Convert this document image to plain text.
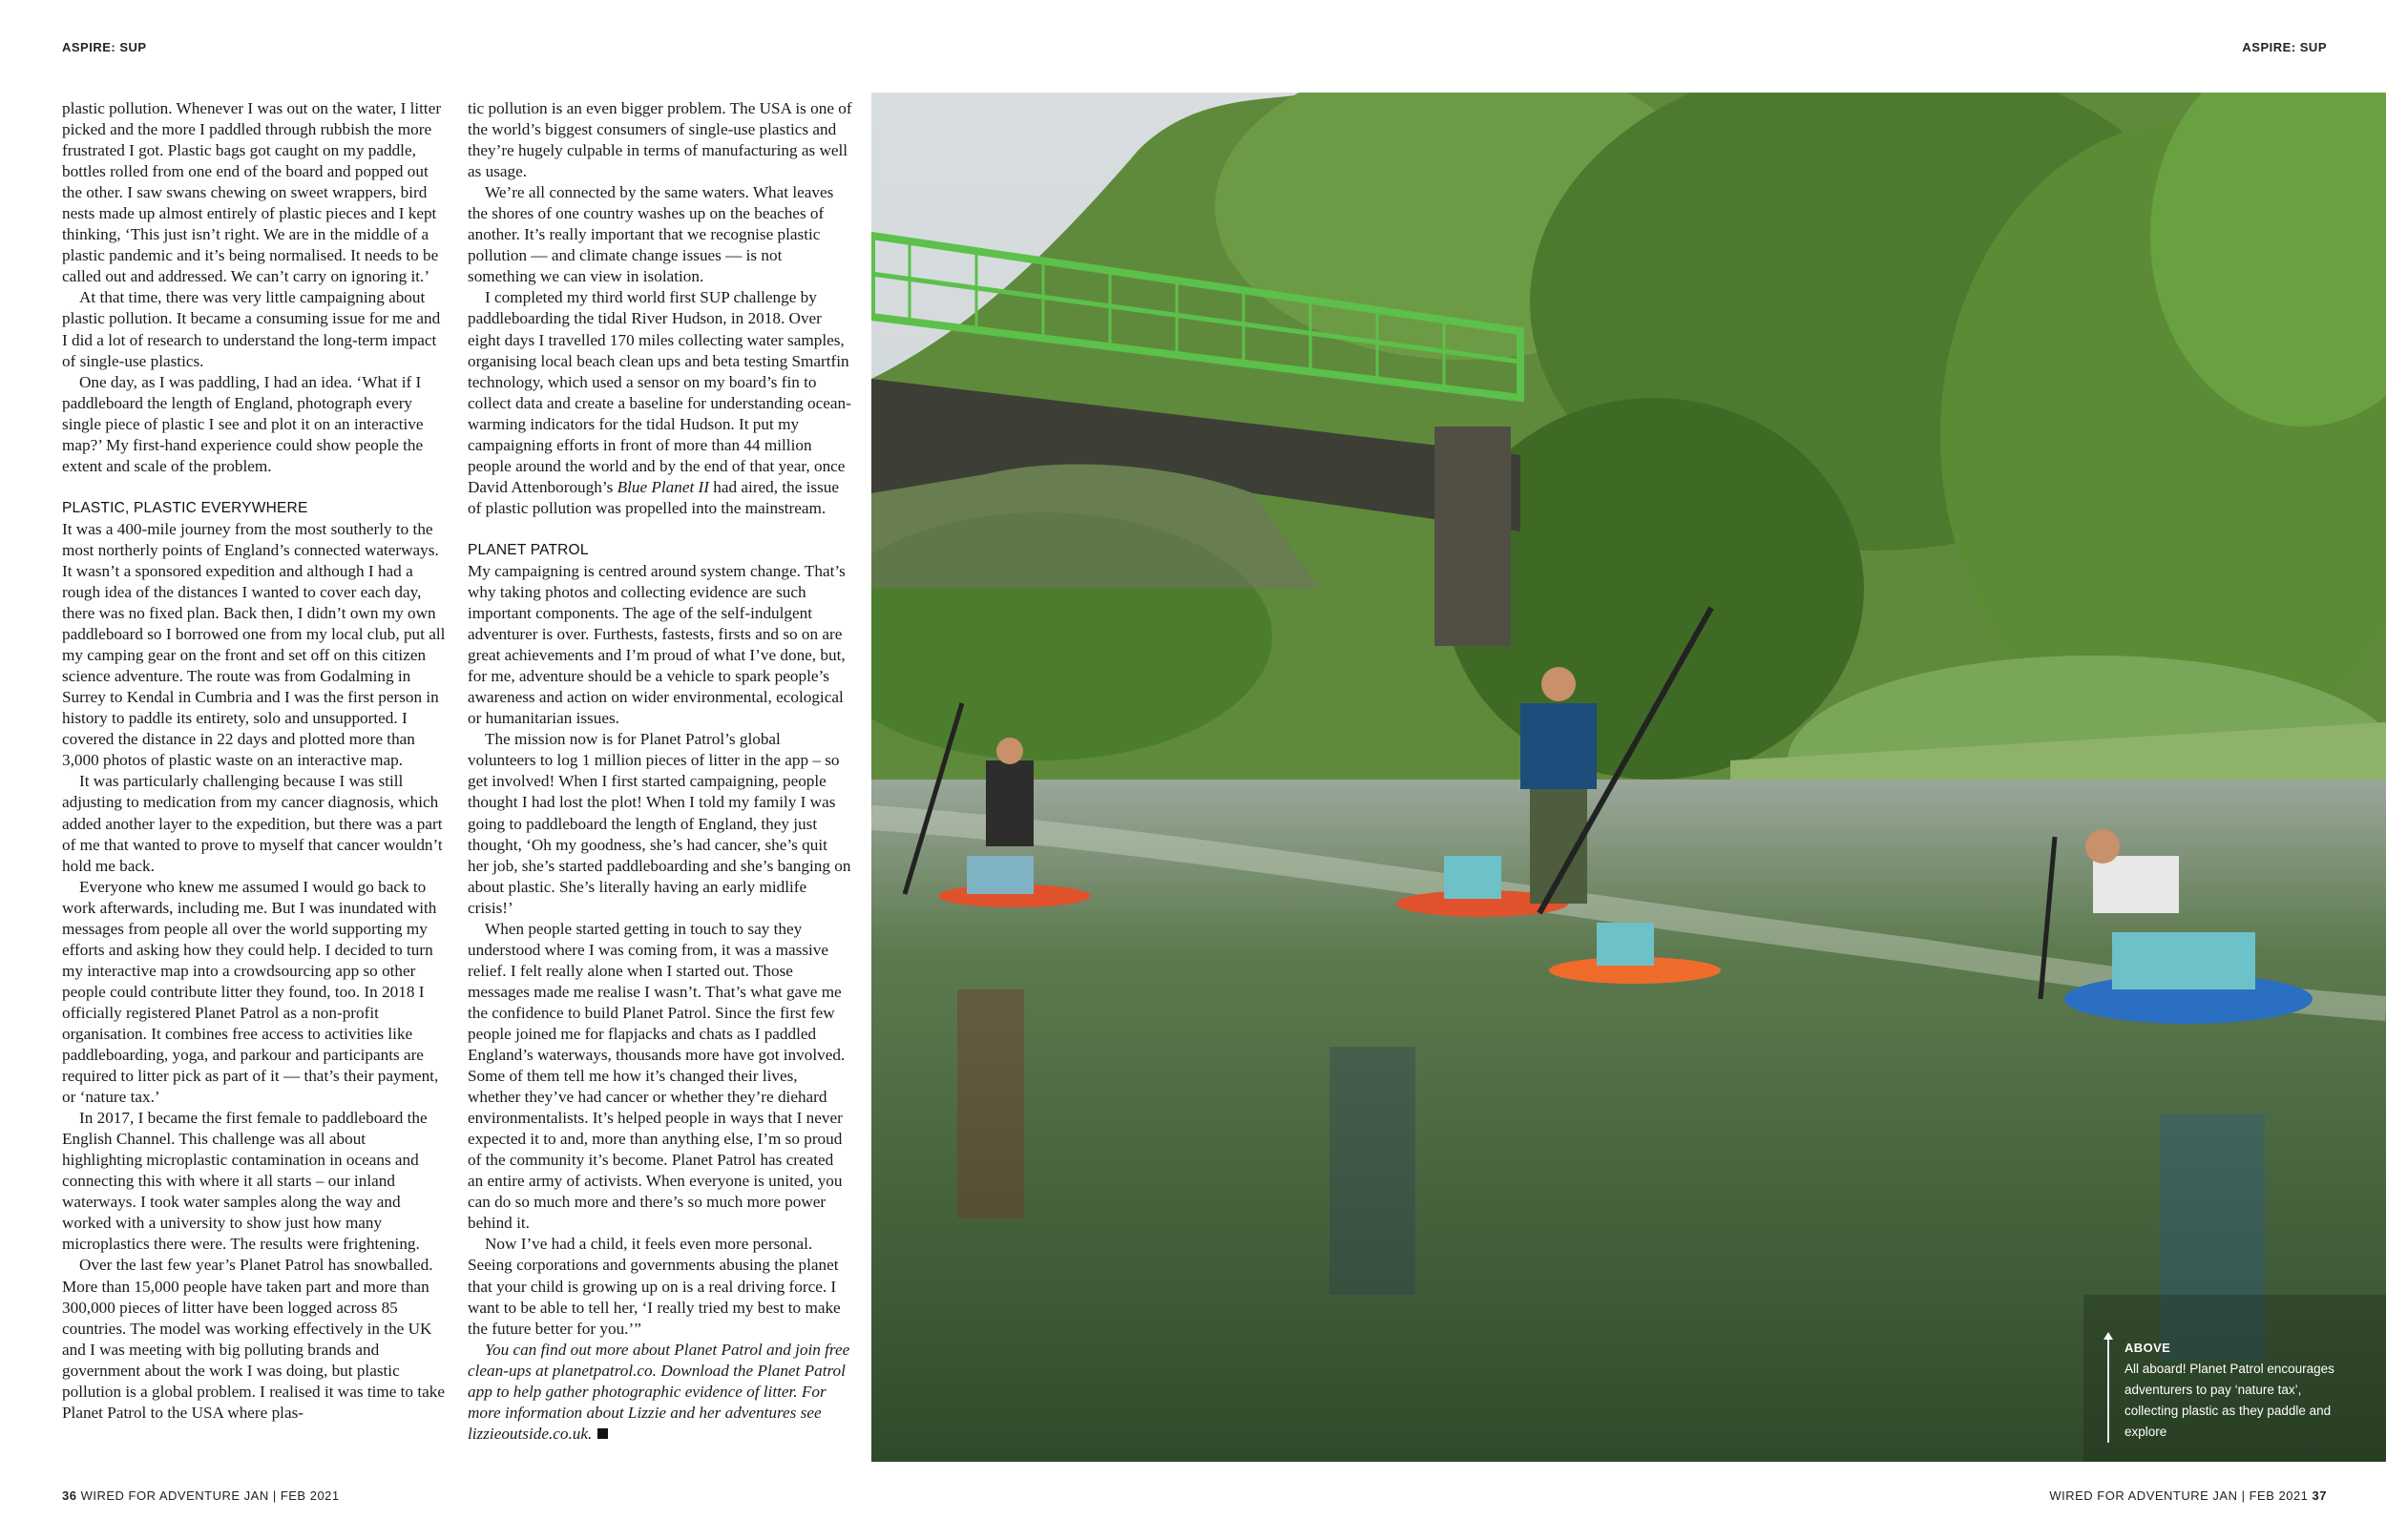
ASPIRE: SUP	ASPIRE: SUP

plastic pollution. Whenever I was out on the water, I litter picked and the more I paddled through rubbish the more frustrated I got. Plastic bags got caught on my paddle, bottles rolled from one end of the board and popped out the other. I saw swans chewing on sweet wrappers, bird nests made up almost entirely of plastic pieces and I kept thinking, ‘This just isn’t right. We are in the middle of a plastic pandemic and it’s being normalised. It needs to be called out and addressed. We can’t carry on ignoring it.’

At that time, there was very little campaigning about plastic pollution. It became a consuming issue for me and I did a lot of research to understand the long-term impact of single-use plastics.

One day, as I was paddling, I had an idea. ‘What if I paddleboard the length of England, photograph every single piece of plastic I see and plot it on an interactive map?’ My first-hand experience could show people the extent and scale of the problem.

PLASTIC, PLASTIC EVERYWHERE

It was a 400-mile journey from the most southerly to the most northerly points of England’s connected waterways. It wasn’t a sponsored expedition and although I had a rough idea of the distances I wanted to cover each day, there was no fixed plan. Back then, I didn’t own my own paddleboard so I borrowed one from my local club, put all my camping gear on the front and set off on this citizen science adventure. The route was from Godalming in Surrey to Kendal in Cumbria and I was the first person in history to paddle its entirety, solo and unsupported. I covered the distance in 22 days and plotted more than 3,000 photos of plastic waste on an interactive map.

It was particularly challenging because I was still adjusting to medication from my cancer diagnosis, which added another layer to the expedition, but there was a part of me that wanted to prove to myself that cancer wouldn’t hold me back.

Everyone who knew me assumed I would go back to work afterwards, including me. But I was inundated with messages from people all over the world supporting my efforts and asking how they could help. I decided to turn my interactive map into a crowdsourcing app so other people could contribute litter they found, too. In 2018 I officially registered Planet Patrol as a non-profit organisation. It combines free access to activities like paddleboarding, yoga, and parkour and participants are required to litter pick as part of it — that’s their payment, or ‘nature tax.’

In 2017, I became the first female to paddleboard the English Channel. This challenge was all about highlighting microplastic contamination in oceans and connecting this with where it all starts – our inland waterways. I took water samples along the way and worked with a university to show just how many microplastics there were. The results were frightening.

Over the last few year’s Planet Patrol has snowballed. More than 15,000 people have taken part and more than 300,000 pieces of litter have been logged across 85 countries. The model was working effectively in the UK and I was meeting with big polluting brands and government about the work I was doing, but plastic pollution is a global problem. I realised it was time to take Planet Patrol to the USA where plas-

tic pollution is an even bigger problem. The USA is one of the world’s biggest consumers of single-use plastics and they’re hugely culpable in terms of manufacturing as well as usage.

We’re all connected by the same waters. What leaves the shores of one country washes up on the beaches of another. It’s really important that we recognise plastic pollution — and climate change issues — is not something we can view in isolation.

I completed my third world first SUP challenge by paddleboarding the tidal River Hudson, in 2018. Over eight days I travelled 170 miles collecting water samples, organising local beach clean ups and beta testing Smartfin technology, which used a sensor on my board’s fin to collect data and create a baseline for understanding ocean-warming indicators for the tidal Hudson. It put my campaigning efforts in front of more than 44 million people around the world and by the end of that year, once David Attenborough’s Blue Planet II had aired, the issue of plastic pollution was propelled into the mainstream.

PLANET PATROL

My campaigning is centred around system change. That’s why taking photos and collecting evidence are such important components. The age of the self-indulgent adventurer is over. Furthests, fastests, firsts and so on are great achievements and I’m proud of what I’ve done, but, for me, adventure should be a vehicle to spark people’s awareness and action on wider environmental, ecological or humanitarian issues.

The mission now is for Planet Patrol’s global volunteers to log 1 million pieces of litter in the app – so get involved! When I first started campaigning, people thought I had lost the plot! When I told my family I was going to paddleboard the length of England, they just thought, ‘Oh my goodness, she’s had cancer, she’s quit her job, she’s started paddleboarding and she’s banging on about plastic. She’s literally having an early midlife crisis!’

When people started getting in touch to say they understood where I was coming from, it was a massive relief. I felt really alone when I started out. Those messages made me realise I wasn’t. That’s what gave me the confidence to build Planet Patrol. Since the first few people joined me for flapjacks and chats as I paddled England’s waterways, thousands more have got involved. Some of them tell me how it’s changed their lives, whether they’ve had cancer or whether they’re diehard environmentalists. It’s helped people in ways that I never expected it to and, more than anything else, I’m so proud of the community it’s become. Planet Patrol has created an entire army of activists. When everyone is united, you can do so much more and there’s so much more power behind it.

Now I’ve had a child, it feels even more personal. Seeing corporations and governments abusing the planet that your child is growing up on is a real driving force. I want to be able to tell her, ‘I really tried my best to make the future better for you.’”

You can find out more about Planet Patrol and join free clean-ups at planetpatrol.co. Download the Planet Patrol app to help gather photographic evidence of litter. For more information about Lizzie and her adventures see lizzieoutside.co.uk.

ABOVE
All aboard! Planet Patrol encourages adventurers to pay ‘nature tax’, collecting plastic as they paddle and explore
36 WIRED FOR ADVENTURE JAN | FEB 2021	WIRED FOR ADVENTURE JAN | FEB 2021 37
